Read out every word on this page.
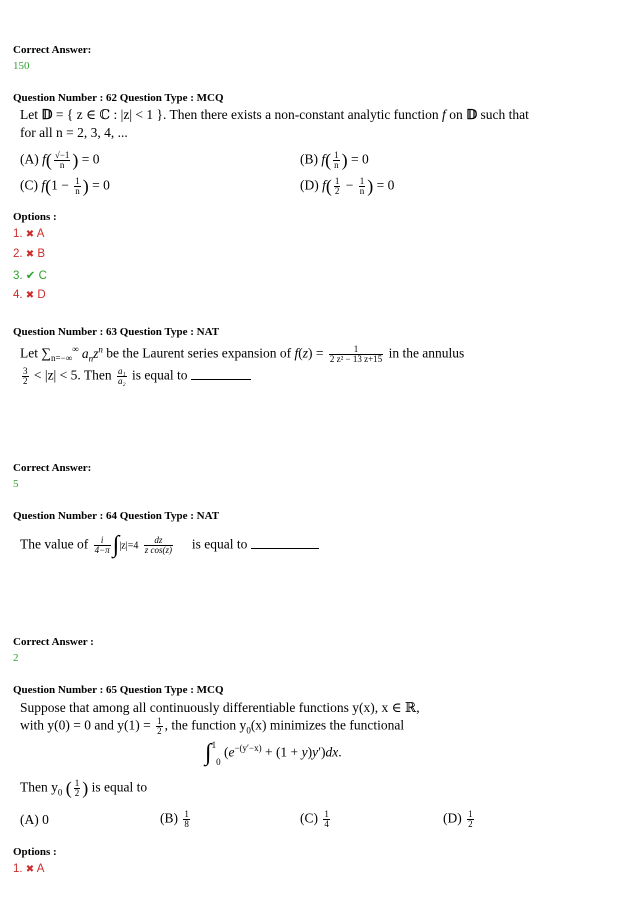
Correct Answer:
150
Question Number : 62 Question Type : MCQ
Let 𝔻 = { z ∈ ℂ : |z| < 1 }. Then there exists a non-constant analytic function f on 𝔻 such that
for all n = 2, 3, 4, ...
(A) $f( \frac{√-1}{n}$ ) = 0	(B) $f( \frac{1}{n}$ ) = 0
(C) $f(1 - \frac{1}{n}$ ) = 0	(D) $f( \frac{1}{2} - \frac{1}{n}$ ) = 0
Options :
1. ✖ A
2. ✖ B
3. ✔ C
4. ✖ D
Question Number : 63 Question Type : NAT
Let $\sum_{n=-\infty}^\infty$ $a_nz^n$ be the Laurent series expansion of $f(z) = \frac{1}{\text{2 z² − 13 z+15}}$ in the annulus
$\frac{3}{2} < |z| < 5$. Then $\frac{\text{a₁}}{\text{a₂}}$ is equal to
Correct Answer:
5
Question Number : 64 Question Type : NAT
The value of $\frac{i}{4-\pi} \int|z|=4 \frac{dz}{\text{z cos(z)}}$ is equal to
Correct Answer :
2
Question Number : 65 Question Type : MCQ
Suppose that among all continuously differentiable functions y(x), x ∈ ℝ,
with y(0) = 0 and $y(1) = \frac{1}{2}$ , the function $y_0(x)$ minimizes the functional
∫$^1$0 $(e^{-(y'-x)} + (1 + y)y')dx$.
Then $y_0$ ( $\frac{1}{2}$ ) is equal to
(A) 0	$(B) \frac{1}{8}$	$(C) \frac{1}{4}$	$(D) \frac{1}{2}$
Options :
1. ✖ A
